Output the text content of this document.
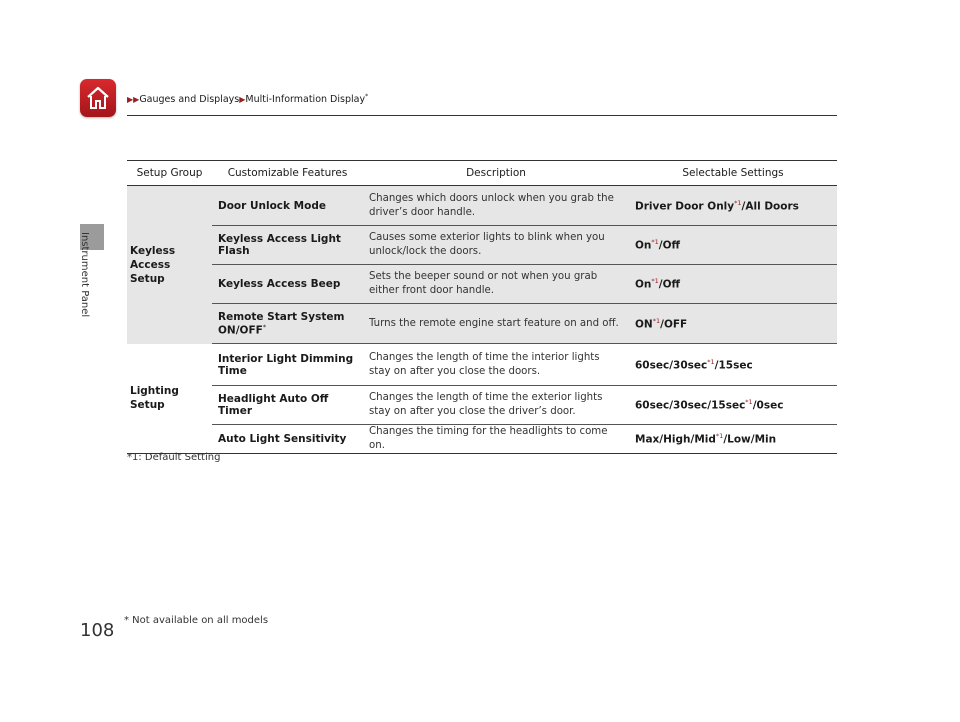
Instrument Panel
▶▶Gauges and Displays▶Multi-Information Display*
Setup Group	Customizable Features	Description	Selectable Settings

Keyless Access Setup	Door Unlock Mode	Changes which doors unlock when you grab the driver’s door handle.	Driver Door Only$^{*1}$/All Doors
	Keyless Access Light Flash	Causes some exterior lights to blink when you unlock/lock the doors.	On$^{*1}$/Off
	Keyless Access Beep	Sets the beeper sound or not when you grab either front door handle.	On$^{*1}$/Off
	Remote Start System ON/OFF*	Turns the remote engine start feature on and off.	ON$^{*1}$/OFF

Lighting Setup	Interior Light Dimming Time	Changes the length of time the interior lights stay on after you close the doors.	60sec/30sec$^{*1}$/15sec
	Headlight Auto Off Timer	Changes the length of time the exterior lights stay on after you close the driver’s door.	60sec/30sec/15sec$^{*1}$/0sec
	Auto Light Sensitivity	Changes the timing for the headlights to come on.	Max/High/Mid$^{*1}$/Low/Min
*1: Default Setting
108 * Not available on all models
